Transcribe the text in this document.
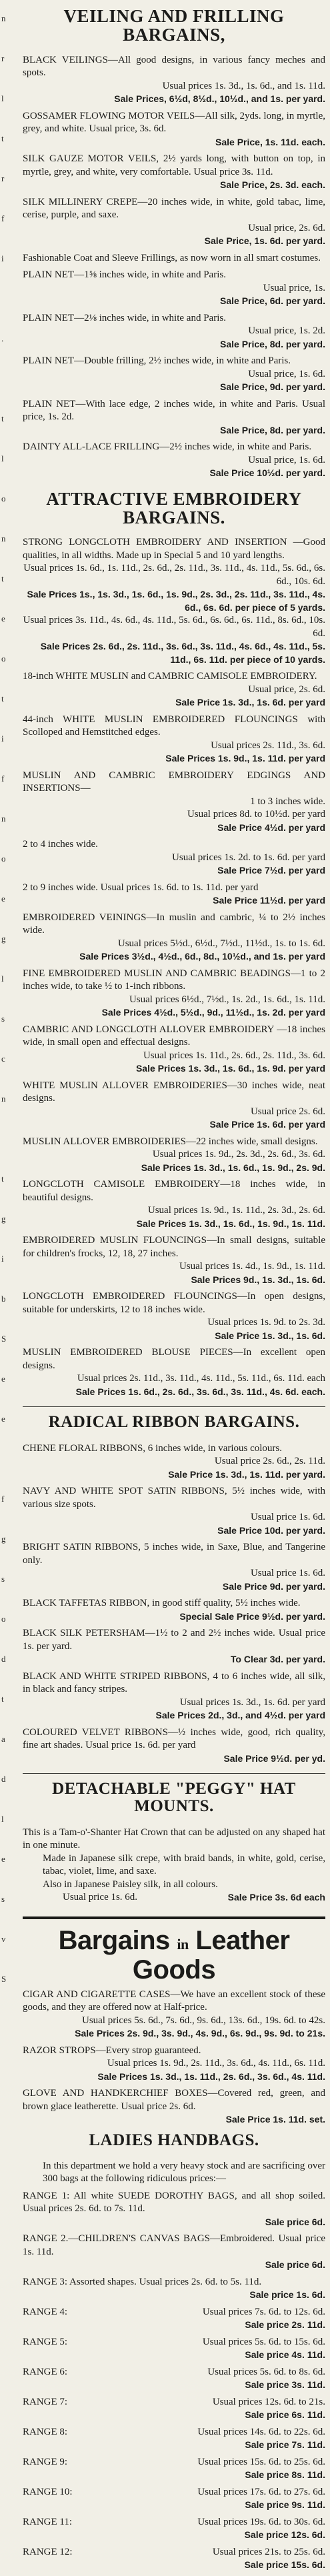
n
r
l
t
r
f
i
.
t
l
o
n
t
e
o
t
i
f
n
o
e
g
l
s
c
n
t
g
i
b
S
e
e
f
g
s
o
d
t
a
d
l
e
s
v
S
VEILING AND FRILLING BARGAINS,

BLACK VEILINGS—All good designs, in various fancy meches and spots.

Usual prices 1s. 3d., 1s. 6d., and 1s. 11d.

Sale Prices, 6½d, 8½d., 10½d., and 1s. per yard.

GOSSAMER FLOWING MOTOR VEILS—All silk, 2yds. long, in myrtle, grey, and white. Usual price, 3s. 6d.

Sale Price, 1s. 11d. each.

SILK GAUZE MOTOR VEILS, 2½ yards long, with button on top, in myrtle, grey, and white, very comfortable. Usual price 3s. 11d.

Sale Price, 2s. 3d. each.

SILK MILLINERY CREPE—20 inches wide, in white, gold tabac, lime, cerise, purple, and saxe.

Usual price, 2s. 6d.

Sale Price, 1s. 6d. per yard.

Fashionable Coat and Sleeve Frillings, as now worn in all smart costumes.

PLAIN NET—1⅝ inches wide, in white and Paris.

Usual price, 1s.

Sale Price, 6d. per yard.

PLAIN NET—2⅛ inches wide, in white and Paris.

Usual price, 1s. 2d.

Sale Price, 8d. per yard.

PLAIN NET—Double frilling, 2½ inches wide, in white and Paris.

Usual price, 1s. 6d.

Sale Price, 9d. per yard.

PLAIN NET—With lace edge, 2 inches wide, in white and Paris. Usual price, 1s. 2d.

Sale Price, 8d. per yard.

DAINTY ALL-LACE FRILLING—2½ inches wide, in white and Paris.

Usual price, 1s. 6d.

Sale Price 10½d. per yard.

ATTRACTIVE EMBROIDERY
BARGAINS.

STRONG LONGCLOTH EMBROIDERY AND INSERTION —Good qualities, in all widths. Made up in Special 5 and 10 yard lengths.

Usual prices 1s. 6d., 1s. 11d., 2s. 6d., 2s. 11d., 3s. 11d., 4s. 11d., 5s. 6d., 6s. 6d., 10s. 6d.

Sale Prices 1s., 1s. 3d., 1s. 6d., 1s. 9d., 2s. 3d., 2s. 11d., 3s. 11d., 4s. 6d., 6s. 6d. per piece of 5 yards.

Usual prices 3s. 11d., 4s. 6d., 4s. 11d., 5s. 6d., 6s. 6d., 6s. 11d., 8s. 6d., 10s. 6d.

Sale Prices 2s. 6d., 2s. 11d., 3s. 6d., 3s. 11d., 4s. 6d., 4s. 11d., 5s. 11d., 6s. 11d. per piece of 10 yards.

18-inch WHITE MUSLIN and CAMBRIC CAMISOLE EMBROIDERY.

Usual price, 2s. 6d.

Sale Price 1s. 3d., 1s. 6d. per yard

44-inch WHITE MUSLIN EMBROIDERED FLOUNCINGS with Scolloped and Hemstitched edges.

Usual prices 2s. 11d., 3s. 6d.

Sale Prices 1s. 9d., 1s. 11d. per yard

MUSLIN AND CAMBRIC EMBROIDERY EDGINGS AND INSERTIONS—

1 to 3 inches wide.

Usual prices 8d. to 10½d. per yard

Sale Price 4½d. per yard

2 to 4 inches wide.

Usual prices 1s. 2d. to 1s. 6d. per yard

Sale Price 7½d. per yard

2 to 9 inches wide. Usual prices 1s. 6d. to 1s. 11d. per yard

Sale Price 11½d. per yard

EMBROIDERED VEININGS—In muslin and cambric, ¼ to 2½ inches wide.

Usual prices 5½d., 6½d., 7½d., 11½d., 1s. to 1s. 6d.

Sale Prices 3½d., 4½d., 6d., 8d., 10½d., and 1s. per yard

FINE EMBROIDERED MUSLIN AND CAMBRIC BEADINGS—1 to 2 inches wide, to take ½ to 1-inch ribbons.

Usual prices 6½d., 7½d., 1s. 2d., 1s. 6d., 1s. 11d.

Sale Prices 4½d., 5½d., 9d., 11½d., 1s. 2d. per yard

CAMBRIC AND LONGCLOTH ALLOVER EMBROIDERY —18 inches wide, in small open and effectual designs.

Usual prices 1s. 11d., 2s. 6d., 2s. 11d., 3s. 6d.

Sale Prices 1s. 3d., 1s. 6d., 1s. 9d. per yard

WHITE MUSLIN ALLOVER EMBROIDERIES—30 inches wide, neat designs.

Usual price 2s. 6d.

Sale Price 1s. 6d. per yard

MUSLIN ALLOVER EMBROIDERIES—22 inches wide, small designs.

Usual prices 1s. 9d., 2s. 3d., 2s. 6d., 3s. 6d.

Sale Prices 1s. 3d., 1s. 6d., 1s. 9d., 2s. 9d.

LONGCLOTH CAMISOLE EMBROIDERY—18 inches wide, in beautiful designs.

Usual prices 1s. 9d., 1s. 11d., 2s. 3d., 2s. 6d.

Sale Prices 1s. 3d., 1s. 6d., 1s. 9d., 1s. 11d.

EMBROIDERED MUSLIN FLOUNCINGS—In small designs, suitable for children's frocks, 12, 18, 27 inches.

Usual prices 1s. 4d., 1s. 9d., 1s. 11d.

Sale Prices 9d., 1s. 3d., 1s. 6d.

LONGCLOTH EMBROIDERED FLOUNCINGS—In open designs, suitable for underskirts, 12 to 18 inches wide.

Usual prices 1s. 9d. to 2s. 3d.

Sale Price 1s. 3d., 1s. 6d.

MUSLIN EMBROIDERED BLOUSE PIECES—In excellent open designs.

Usual prices 2s. 11d., 3s. 11d., 4s. 11d., 5s. 11d., 6s. 11d. each

Sale Prices 1s. 6d., 2s. 6d., 3s. 6d., 3s. 11d., 4s. 6d. each.

RADICAL RIBBON BARGAINS.

CHENE FLORAL RIBBONS, 6 inches wide, in various colours.

Usual price 2s. 6d., 2s. 11d.

Sale Price 1s. 3d., 1s. 11d. per yard.

NAVY AND WHITE SPOT SATIN RIBBONS, 5½ inches wide, with various size spots.

Usual price 1s. 6d.

Sale Price 10d. per yard.

BRIGHT SATIN RIBBONS, 5 inches wide, in Saxe, Blue, and Tangerine only.

Usual price 1s. 6d.

Sale Price 9d. per yard.

BLACK TAFFETAS RIBBON, in good stiff quality, 5½ inches wide.

Special Sale Price 9½d. per yard.

BLACK SILK PETERSHAM—1½ to 2 and 2½ inches wide. Usual price 1s. per yard.

To Clear 3d. per yard.

BLACK AND WHITE STRIPED RIBBONS, 4 to 6 inches wide, all silk, in black and fancy stripes.

Usual prices 1s. 3d., 1s. 6d. per yard

Sale Prices 2d., 3d., and 4½d. per yard

COLOURED VELVET RIBBONS—½ inches wide, good, rich quality, fine art shades. Usual price 1s. 6d. per yard

Sale Price 9½d. per yd.

DETACHABLE "PEGGY" HAT
MOUNTS.

This is a Tam-o'-Shanter Hat Crown that can be adjusted on any shaped hat in one minute.

Made in Japanese silk crepe, with braid bands, in white, gold, cerise, tabac, violet, lime, and saxe.

Also in Japanese Paisley silk, in all colours.

Usual price 1s. 6d.	Sale Price 3s. 6d each

Bargains in Leather Goods

CIGAR AND CIGARETTE CASES—We have an excellent stock of these goods, and they are offered now at Half-price.

Usual prices 5s. 6d., 7s. 6d., 9s. 6d., 13s. 6d., 19s. 6d. to 42s.

Sale Prices 2s. 9d., 3s. 9d., 4s. 9d., 6s. 9d., 9s. 9d. to 21s.

RAZOR STROPS—Every strop guaranteed.

Usual prices 1s. 9d., 2s. 11d., 3s. 6d., 4s. 11d., 6s. 11d.

Sale Prices 1s. 3d., 1s. 11d., 2s. 6d., 3s. 6d., 4s. 11d.

GLOVE AND HANDKERCHIEF BOXES—Covered red, green, and brown glace leatherette. Usual price 2s. 6d.

Sale Price 1s. 11d. set.

LADIES HANDBAGS.

In this department we hold a very heavy stock and are sacrificing over 300 bags at the following ridiculous prices:—

RANGE 1: All white SUEDE DOROTHY BAGS, and all shop soiled. Usual prices 2s. 6d. to 7s. 11d.

Sale price 6d.

RANGE 2.—CHILDREN'S CANVAS BAGS—Embroidered. Usual price 1s. 11d.

Sale price 6d.

RANGE 3: Assorted shapes. Usual prices 2s. 6d. to 5s. 11d.

Sale price 1s. 6d.

RANGE 4:	Usual prices 7s. 6d. to 12s. 6d.

Sale price 2s. 11d.

RANGE 5:	Usual prices 5s. 6d. to 15s. 6d.

Sale price 4s. 11d.

RANGE 6:	Usual prices 5s. 6d. to 8s. 6d.

Sale price 3s. 11d.

RANGE 7:	Usual prices 12s. 6d. to 21s.

Sale price 6s. 11d.

RANGE 8:	Usual prices 14s. 6d. to 22s. 6d.

Sale price 7s. 11d.

RANGE 9:	Usual prices 15s. 6d. to 25s. 6d.

Sale price 8s. 11d.

RANGE 10:	Usual prices 17s. 6d. to 27s. 6d.

Sale price 9s. 11d.

RANGE 11:	Usual prices 19s. 6d. to 30s. 6d.

Sale price 12s. 6d.

RANGE 12:	Usual prices 21s. to 25s. 6d.

Sale price 15s. 6d.
